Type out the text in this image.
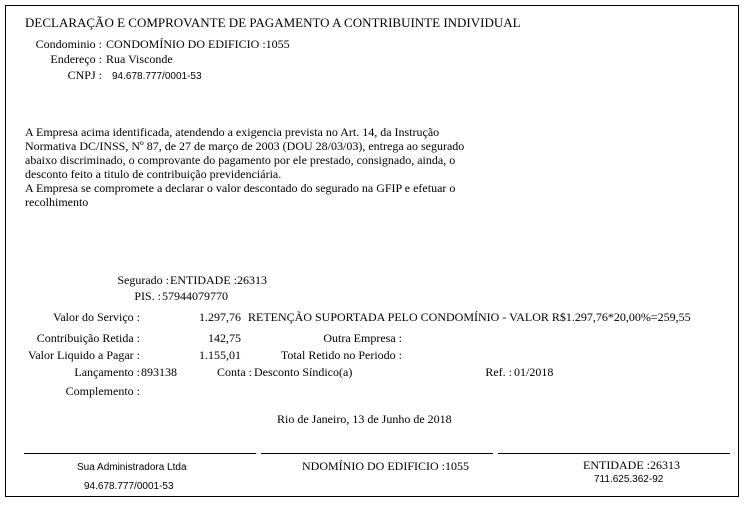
DECLARAÇÃO E COMPROVANTE DE PAGAMENTO A CONTRIBUINTE INDIVIDUAL
Condominio : CONDOMÍNIO DO EDIFICIO :1055
Endereço : Rua Visconde
CNPJ : 94.678.777/0001-53
A Empresa acima identificada, atendendo a exigencia prevista no Art. 14, da Instrução
Normativa DC/INSS, Nº 87, de 27 de março de 2003 (DOU 28/03/03), entrega ao segurado
abaixo discriminado, o comprovante do pagamento por ele prestado, consignado, ainda, o
desconto feito a titulo de contribuição previdenciária.
A Empresa se compromete a declarar o valor descontado do segurado na GFIP e efetuar o
recolhimento
Segurado : ENTIDADE :26313
PIS. : 57944079770
Valor do Serviço :	1.297,76 RETENÇÃO SUPORTADA PELO CONDOMÍNIO - VALOR R$1.297,76*20,00%=259,55
Contribuição Retida :	142,75	Outra Empresa :
Valor Liquido a Pagar :	1.155,01	Total Retido no Periodo :
Lançamento : 893138	Conta : Desconto Síndico(a)	Ref. : 01/2018
Complemento :
Rio de Janeiro, 13 de Junho de 2018
Sua Administradora Ltda
94.678.777/0001-53
NDOMÍNIO DO EDIFICIO :1055	ENTIDADE :26313
711.625.362-92
